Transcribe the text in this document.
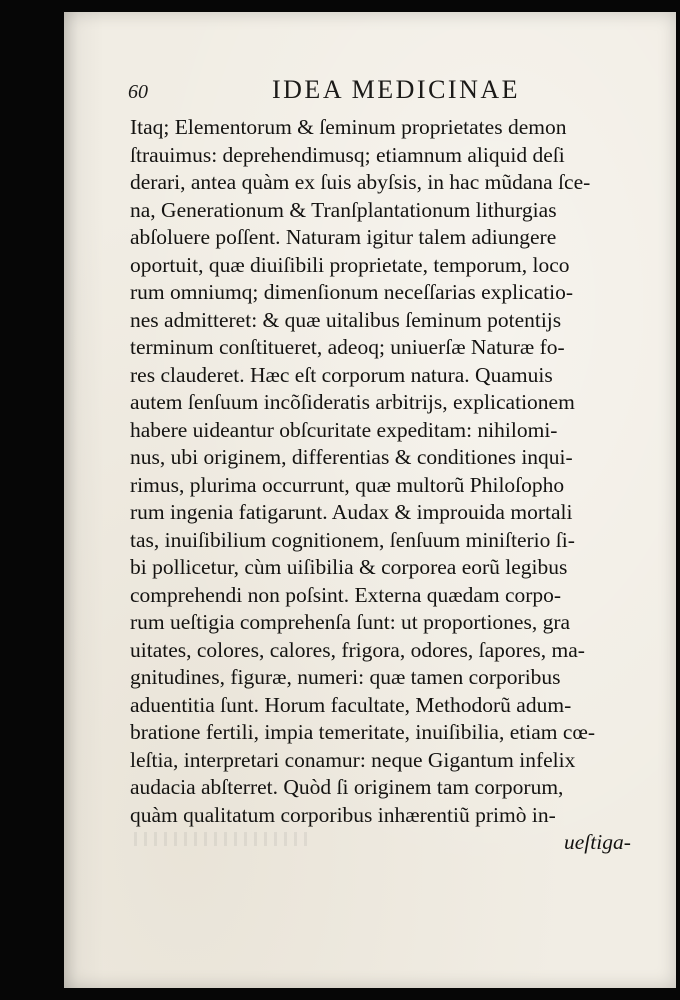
60	IDEA MEDICINAE
Itaq; Elementorum & ſeminum proprietates demon
ſtrauimus: deprehendimusq; etiamnum aliquid deſi
derari, antea quàm ex ſuis abyſsis, in hac mũdana ſce-
na, Generationum & Tranſplantationum lithurgias
abſoluere poſſent. Naturam igitur talem adiungere
oportuit, quæ diuiſibili proprietate, temporum, loco
rum omniumq; dimenſionum neceſſarias explicatio-
nes admitteret: & quæ uitalibus ſeminum potentijs
terminum conſtitueret, adeoq; uniuerſæ Naturæ fo-
res clauderet. Hæc eſt corporum natura. Quamuis
autem ſenſuum incõſideratis arbitrijs, explicationem
habere uideantur obſcuritate expeditam: nihilomi-
nus, ubi originem, differentias & conditiones inqui-
rimus, plurima occurrunt, quæ multorũ Philoſopho
rum ingenia fatigarunt. Audax & improuida mortali
tas, inuiſibilium cognitionem, ſenſuum miniſterio ſi-
bi pollicetur, cùm uiſibilia & corporea eorũ legibus
comprehendi non poſsint. Externa quædam corpo-
rum ueſtigia comprehenſa ſunt: ut proportiones, gra
uitates, colores, calores, frigora, odores, ſapores, ma-
gnitudines, figuræ, numeri: quæ tamen corporibus
aduentitia ſunt. Horum facultate, Methodorũ adum-
bratione fertili, impia temeritate, inuiſibilia, etiam cœ-
leſtia, interpretari conamur: neque Gigantum infelix
audacia abſterret. Quòd ſi originem tam corporum,
quàm qualitatum corporibus inhærentiũ primò in-
ueſtiga-
